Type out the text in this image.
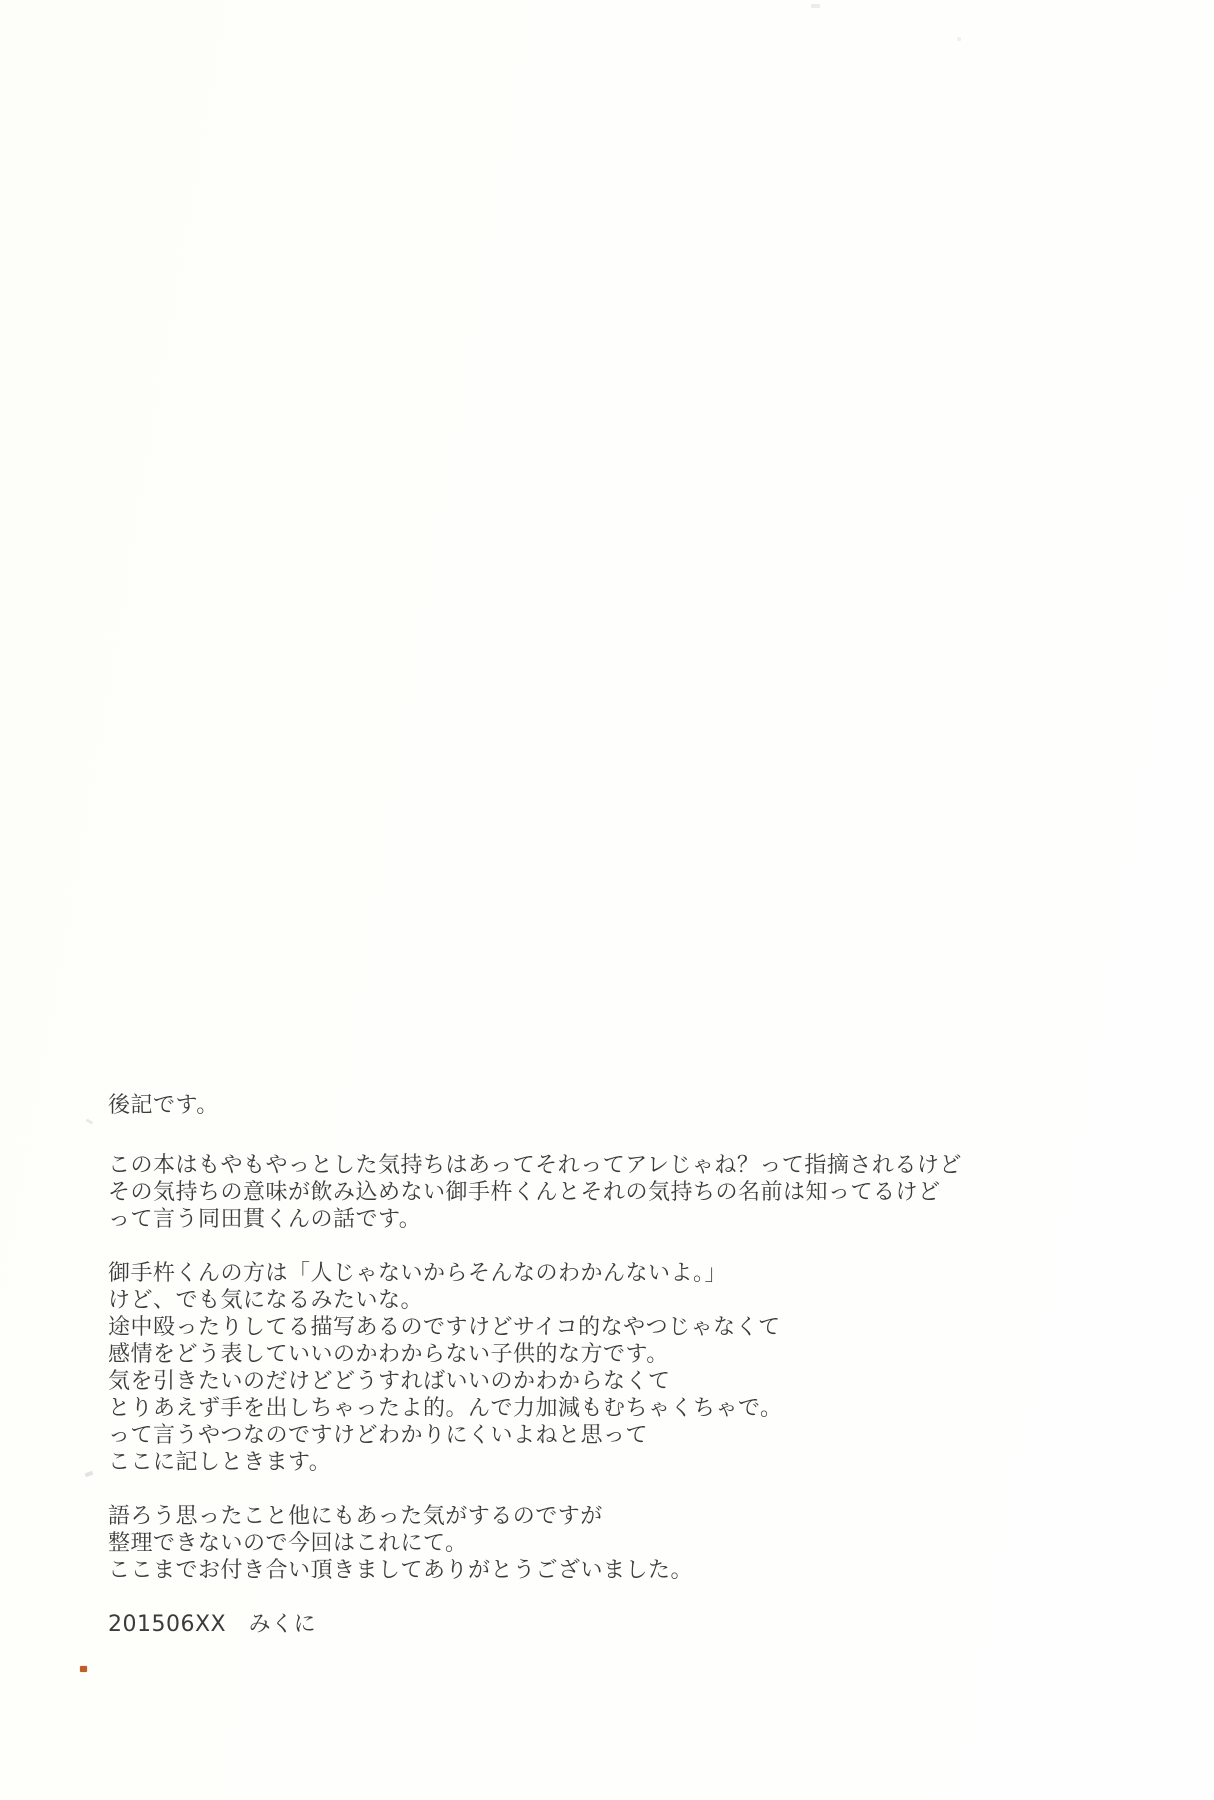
後記です。
この本はもやもやっとした気持ちはあってそれってアレじゃね？って指摘されるけど
その気持ちの意味が飲み込めない御手杵くんとそれの気持ちの名前は知ってるけど
って言う同田貫くんの話です。
御手杵くんの方は「人じゃないからそんなのわかんないよ。」
けど、でも気になるみたいな。
途中殴ったりしてる描写あるのですけどサイコ的なやつじゃなくて
感情をどう表していいのかわからない子供的な方です。
気を引きたいのだけどどうすればいいのかわからなくて
とりあえず手を出しちゃったよ的。んで力加減もむちゃくちゃで。
って言うやつなのですけどわかりにくいよねと思って
ここに記しときます。
語ろう思ったこと他にもあった気がするのですが
整理できないので今回はこれにて。
ここまでお付き合い頂きましてありがとうございました。
201506XX　みくに
